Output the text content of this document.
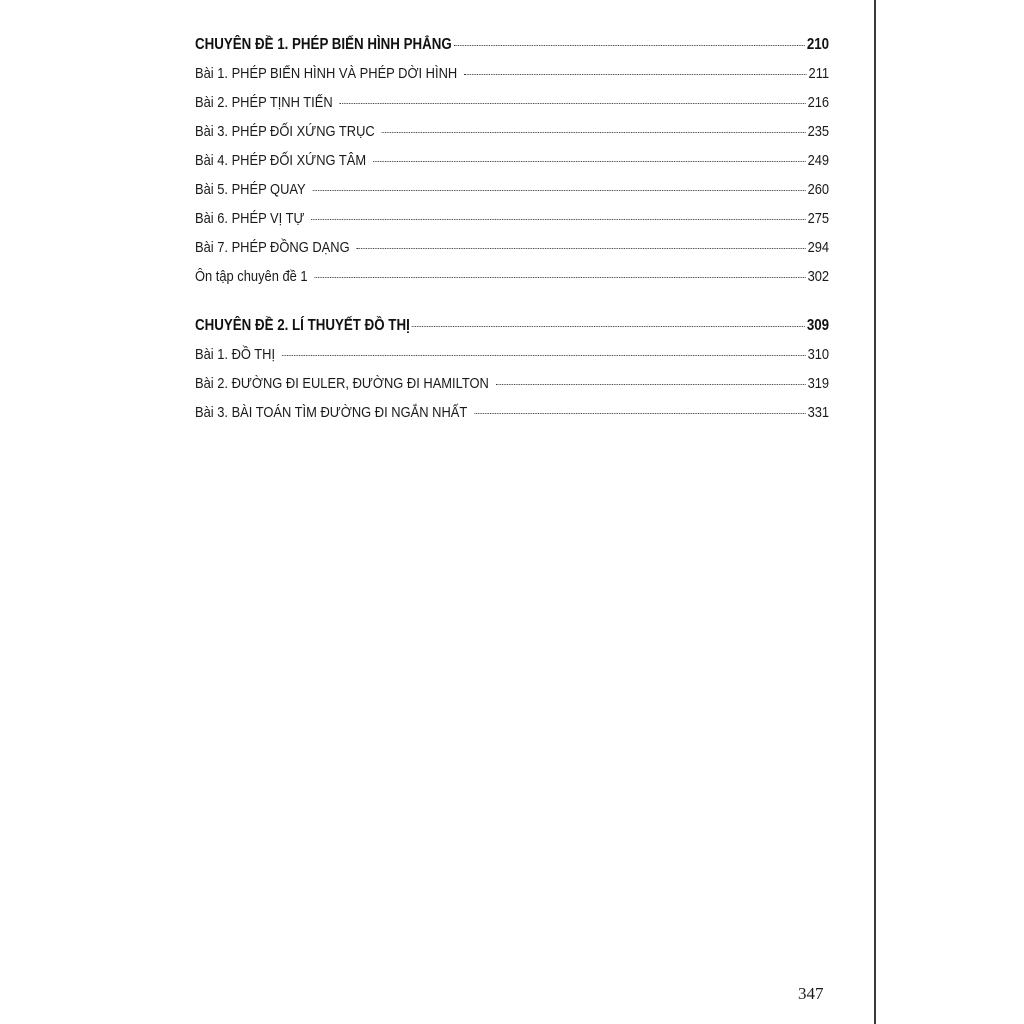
CHUYÊN ĐỀ 1. PHÉP BIẾN HÌNH PHẲNG	210
Bài 1. PHÉP BIẾN HÌNH VÀ PHÉP DỜI HÌNH	211
Bài 2. PHÉP TỊNH TIẾN	216
Bài 3. PHÉP ĐỐI XỨNG TRỤC	235
Bài 4. PHÉP ĐỐI XỨNG TÂM	249
Bài 5. PHÉP QUAY	260
Bài 6. PHÉP VỊ TỰ	275
Bài 7. PHÉP ĐỒNG DẠNG	294
Ôn tập chuyên đề 1	302
CHUYÊN ĐỀ 2. LÍ THUYẾT ĐỒ THỊ	309
Bài 1. ĐỒ THỊ	310
Bài 2. ĐƯỜNG ĐI EULER, ĐƯỜNG ĐI HAMILTON	319
Bài 3. BÀI TOÁN TÌM ĐƯỜNG ĐI NGẮN NHẤT	331
347
